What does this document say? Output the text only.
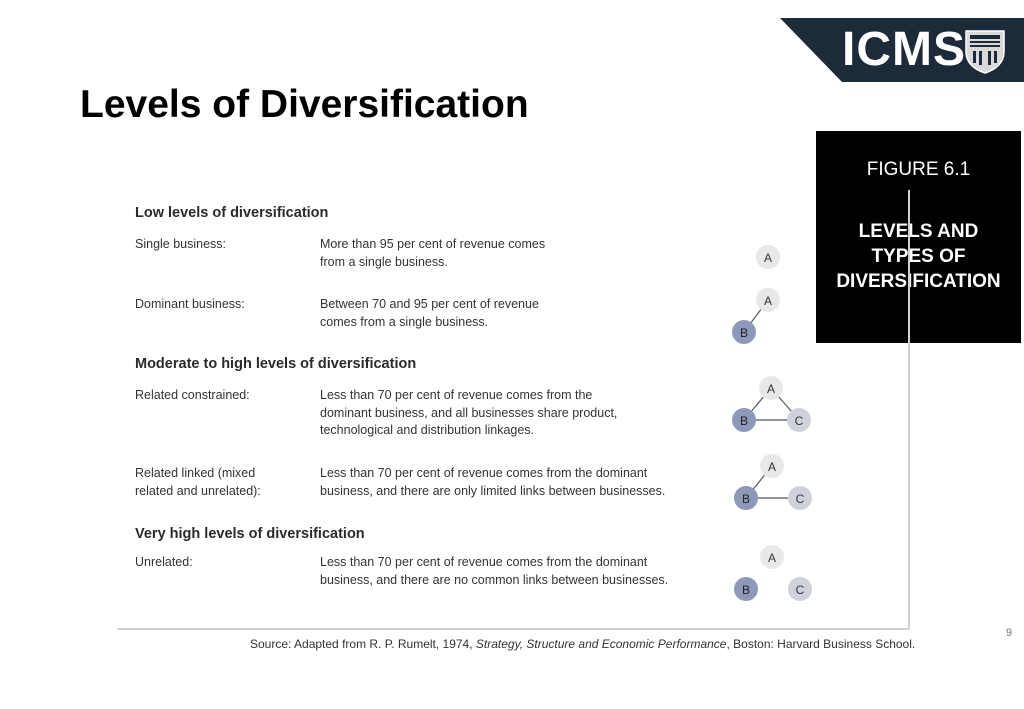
ICMS
Levels of Diversification
FIGURE 6.1
LEVELS AND TYPES OF DIVERSIFICATION
Low levels of diversification
Moderate to high levels of diversification
Very high levels of diversification
Single business:	More than 95 per cent of revenue comes from a single business.
Dominant business:	Between 70 and 95 per cent of revenue comes from a single business.
Related constrained:	Less than 70 per cent of revenue comes from the dominant business, and all businesses share product, technological and distribution linkages.
Related linked (mixed related and unrelated):
Less than 70 per cent of revenue comes from the dominant business, and there are only limited links between businesses.
Unrelated:	Less than 70 per cent of revenue comes from the dominant business, and there are no common links between businesses.
A
A
B
A
B	C
A
B	C
A
B	C
Source: Adapted from R. P. Rumelt, 1974, Strategy, Structure and Economic Performance, Boston: Harvard Business School.
9
